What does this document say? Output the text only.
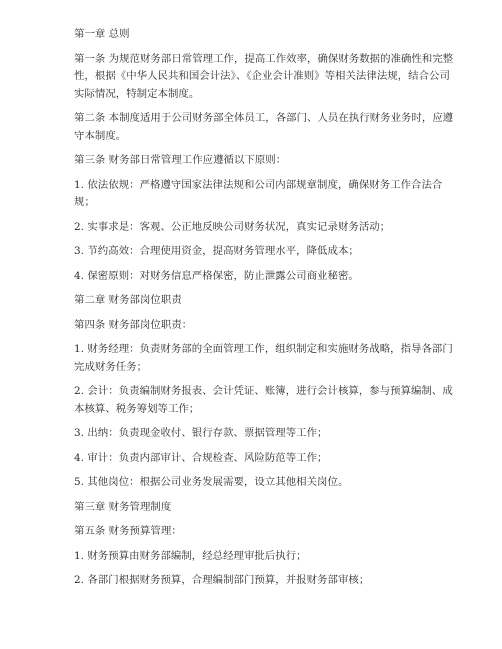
第一章 总则

第一条 为规范财务部日常管理工作，提高工作效率，确保财务数据的准确性和完整性，根据《中华人民共和国会计法》、《企业会计准则》等相关法律法规，结合公司实际情况，特制定本制度。

第二条 本制度适用于公司财务部全体员工，各部门、人员在执行财务业务时，应遵守本制度。

第三条 财务部日常管理工作应遵循以下原则：

1. 依法依规：严格遵守国家法律法规和公司内部规章制度，确保财务工作合法合规；

2. 实事求是：客观、公正地反映公司财务状况，真实记录财务活动；

3. 节约高效：合理使用资金，提高财务管理水平，降低成本；

4. 保密原则：对财务信息严格保密，防止泄露公司商业秘密。

第二章 财务部岗位职责

第四条 财务部岗位职责：

1. 财务经理：负责财务部的全面管理工作，组织制定和实施财务战略，指导各部门完成财务任务；

2. 会计：负责编制财务报表、会计凭证、账簿，进行会计核算，参与预算编制、成本核算、税务筹划等工作；

3. 出纳：负责现金收付、银行存款、票据管理等工作；

4. 审计：负责内部审计、合规检查、风险防范等工作；

5. 其他岗位：根据公司业务发展需要，设立其他相关岗位。

第三章 财务管理制度

第五条 财务预算管理：

1. 财务预算由财务部编制，经总经理审批后执行；

2. 各部门根据财务预算，合理编制部门预算，并报财务部审核；
